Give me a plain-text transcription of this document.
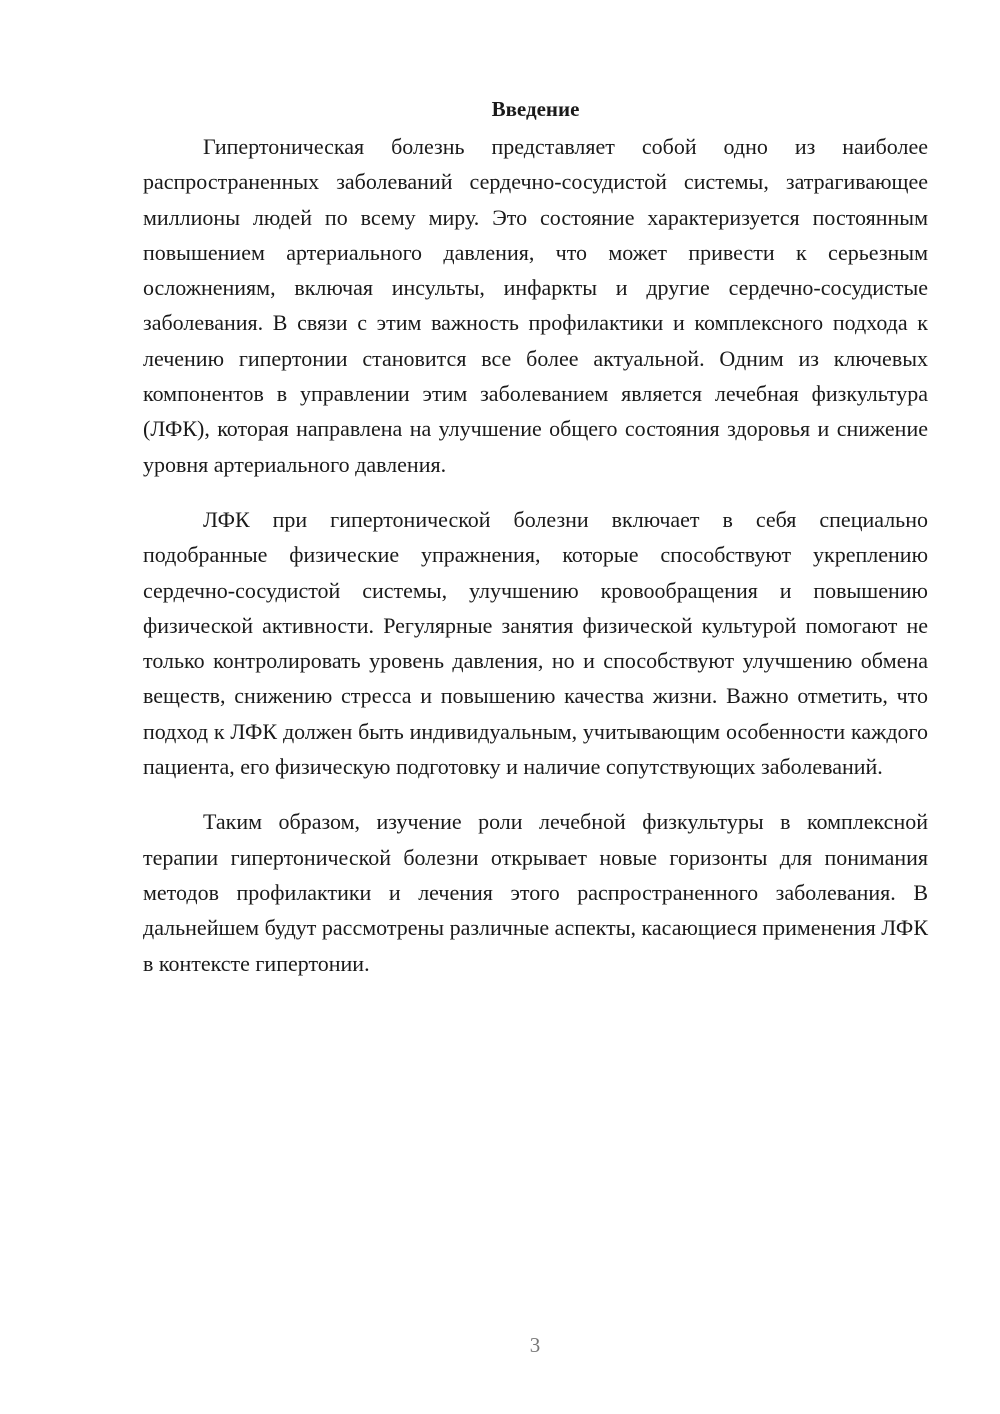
Введение

Гипертоническая болезнь представляет собой одно из наиболее распространенных заболеваний сердечно-сосудистой системы, затрагивающее миллионы людей по всему миру. Это состояние характеризуется постоянным повышением артериального давления, что может привести к серьезным осложнениям, включая инсульты, инфаркты и другие сердечно-сосудистые заболевания. В связи с этим важность профилактики и комплексного подхода к лечению гипертонии становится все более актуальной. Одним из ключевых компонентов в управлении этим заболеванием является лечебная физкультура (ЛФК), которая направлена на улучшение общего состояния здоровья и снижение уровня артериального давления.

ЛФК при гипертонической болезни включает в себя специально подобранные физические упражнения, которые способствуют укреплению сердечно-сосудистой системы, улучшению кровообращения и повышению физической активности. Регулярные занятия физической культурой помогают не только контролировать уровень давления, но и способствуют улучшению обмена веществ, снижению стресса и повышению качества жизни. Важно отметить, что подход к ЛФК должен быть индивидуальным, учитывающим особенности каждого пациента, его физическую подготовку и наличие сопутствующих заболеваний.

Таким образом, изучение роли лечебной физкультуры в комплексной терапии гипертонической болезни открывает новые горизонты для понимания методов профилактики и лечения этого распространенного заболевания. В дальнейшем будут рассмотрены различные аспекты, касающиеся применения ЛФК в контексте гипертонии.

3
